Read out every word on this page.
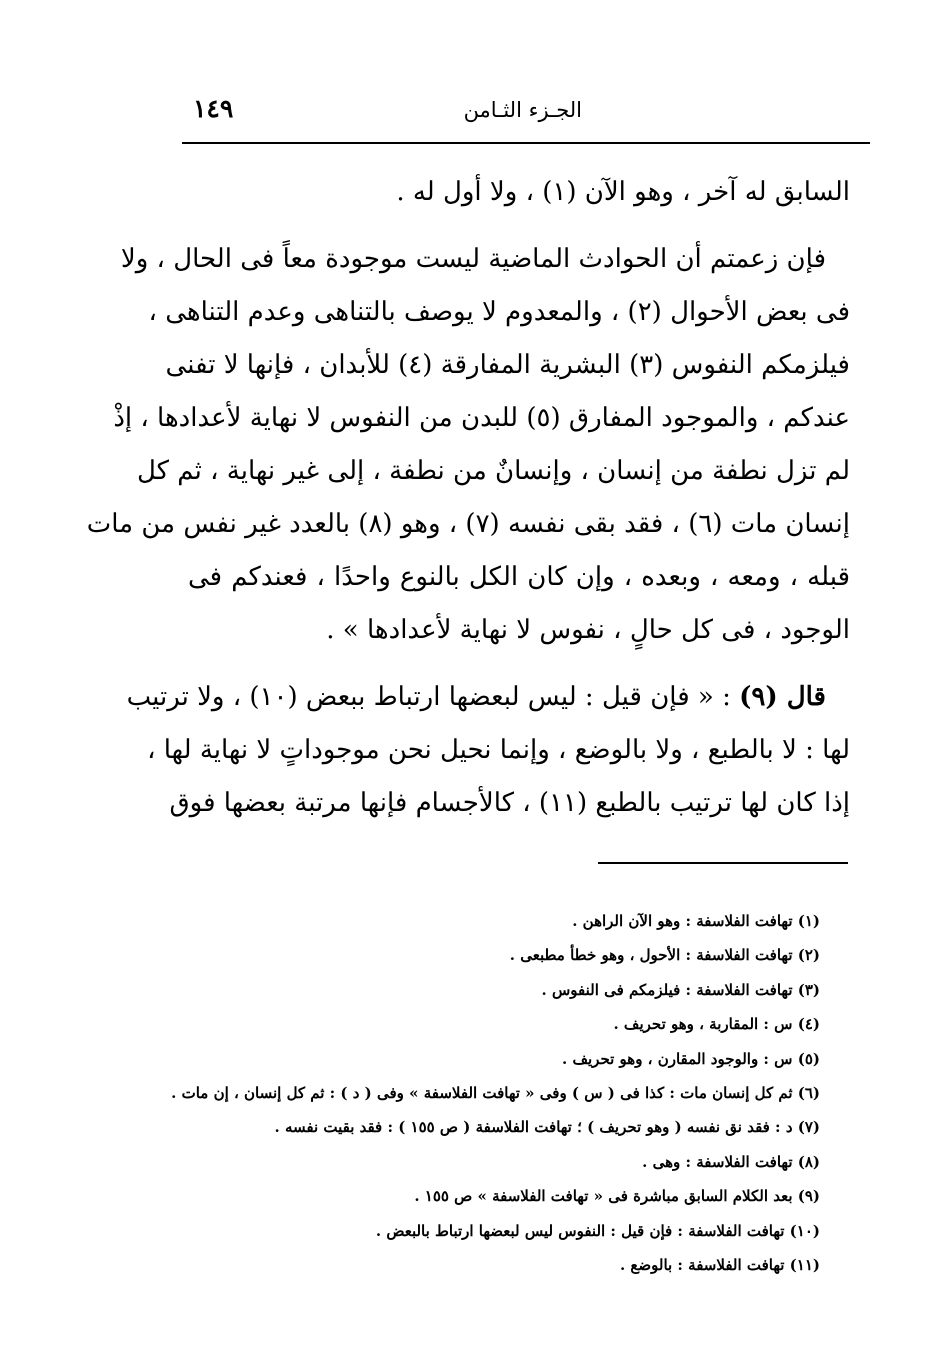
الجـزء الثـامن
١٤٩
السابق له آخر ، وهو الآن (١) ، ولا أول له .
فإن زعمتم أن الحوادث الماضية ليست موجودة معاً فى الحال ، ولا
فى بعض الأحوال (٢) ، والمعدوم لا يوصف بالتناهى وعدم التناهى ،
فيلزمكم النفوس (٣) البشرية المفارقة (٤) للأبدان ، فإنها لا تفنى
عندكم ، والموجود المفارق (٥) للبدن من النفوس لا نهاية لأعدادها ، إذْ
لم تزل نطفة من إنسان ، وإنسانٌ من نطفة ، إلى غير نهاية ، ثم كل
إنسان مات (٦) ، فقد بقى نفسه (٧) ، وهو (٨) بالعدد غير نفس من مات
قبله ، ومعه ، وبعده ، وإن كان الكل بالنوع واحدًا ، فعندكم فى
الوجود ، فى كل حالٍ ، نفوس لا نهاية لأعدادها » .
قال (٩) : « فإن قيل : ليس لبعضها ارتباط ببعض (١٠) ، ولا ترتيب
لها : لا بالطبع ، ولا بالوضع ، وإنما نحيل نحن موجوداتٍ لا نهاية لها ،
إذا كان لها ترتيب بالطبع (١١) ، كالأجسام فإنها مرتبة بعضها فوق
(١) تهافت الفلاسفة : وهو الآن الراهن .
(٢) تهافت الفلاسفة : الأحول ، وهو خطأ مطبعى .
(٣) تهافت الفلاسفة : فيلزمكم فى النفوس .
(٤) س : المقاربة ، وهو تحريف .
(٥) س : والوجود المقارن ، وهو تحريف .
(٦) ثم كل إنسان مات : كذا فى ( س ) وفى « تهافت الفلاسفة » وفى ( د ) : ثم كل إنسان ، إن مات .
(٧) د : فقد نق نفسه ( وهو تحريف ) ؛ تهافت الفلاسفة ( ص ١٥٥ ) : فقد بقيت نفسه .
(٨) تهافت الفلاسفة : وهى .
(٩) بعد الكلام السابق مباشرة فى « تهافت الفلاسفة » ص ١٥٥ .
(١٠) تهافت الفلاسفة : فإن قيل : النفوس ليس لبعضها ارتباط بالبعض .
(١١) تهافت الفلاسفة : بالوضع .
